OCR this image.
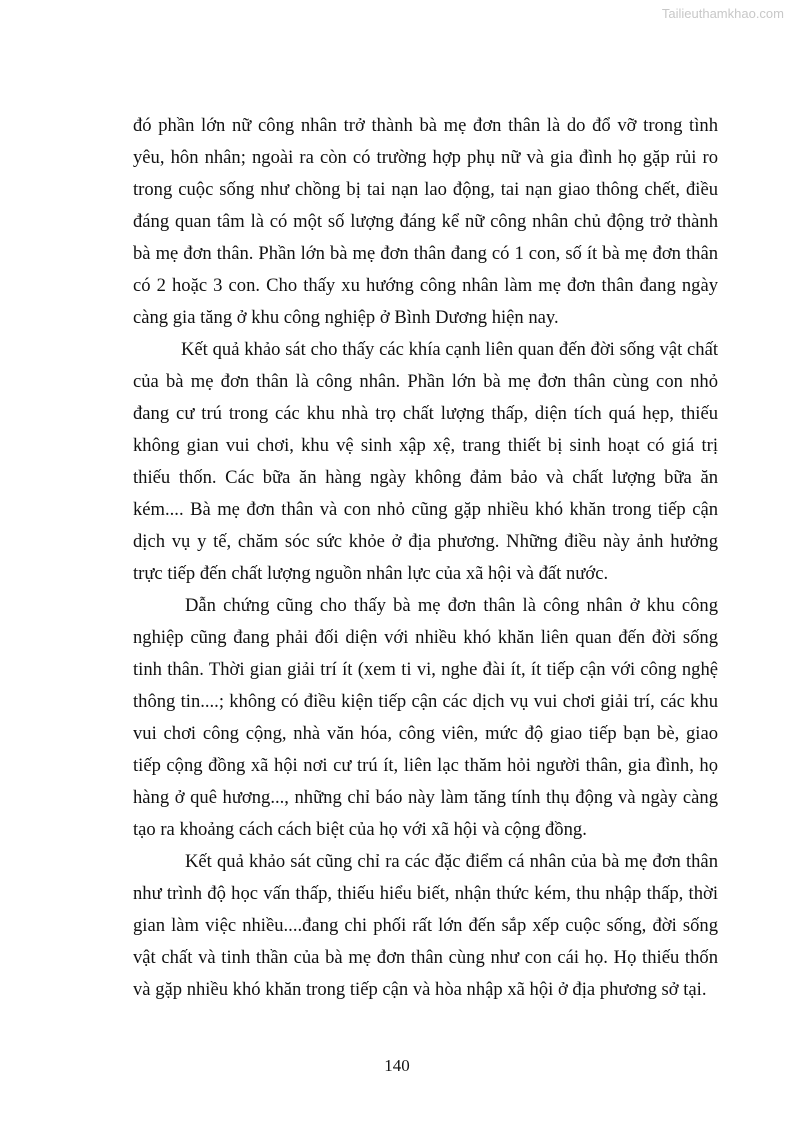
Tailieuthamkhao.com
đó phần lớn nữ công nhân trở thành bà mẹ đơn thân là do đổ vỡ trong tình
yêu, hôn nhân; ngoài ra còn có trường hợp phụ nữ và gia đình họ gặp rủi ro
trong cuộc sống như chồng bị tai nạn lao động, tai nạn giao thông chết, điều
đáng quan tâm là có một số lượng đáng kể nữ công nhân chủ động trở thành
bà mẹ đơn thân. Phần lớn bà mẹ đơn thân đang có 1 con, số ít bà mẹ đơn thân
có 2 hoặc 3 con. Cho thấy xu hướng công nhân làm mẹ đơn thân đang ngày
càng gia tăng ở khu công nghiệp ở Bình Dương hiện nay.
Kết quả khảo sát cho thấy các khía cạnh liên quan đến đời sống vật chất
của bà mẹ đơn thân là công nhân. Phần lớn bà mẹ đơn thân cùng con nhỏ
đang cư trú trong các khu nhà trọ chất lượng thấp, diện tích quá hẹp, thiếu
không gian vui chơi, khu vệ sinh xập xệ, trang thiết bị sinh hoạt có giá trị
thiếu thốn. Các bữa ăn hàng ngày không đảm bảo và chất lượng bữa ăn
kém.... Bà mẹ đơn thân và con nhỏ cũng gặp nhiều khó khăn trong tiếp cận
dịch vụ y tế, chăm sóc sức khỏe ở địa phương. Những điều này ảnh hưởng
trực tiếp đến chất lượng nguồn nhân lực của xã hội và đất nước.
Dẫn chứng cũng cho thấy bà mẹ đơn thân là công nhân ở khu công
nghiệp cũng đang phải đối diện với nhiều khó khăn liên quan đến đời sống
tinh thân. Thời gian giải trí ít (xem ti vi, nghe đài ít, ít tiếp cận với công nghệ
thông tin....; không có điều kiện tiếp cận các dịch vụ vui chơi giải trí, các khu
vui chơi công cộng, nhà văn hóa, công viên, mức độ giao tiếp bạn bè, giao
tiếp cộng đồng xã hội nơi cư trú ít, liên lạc thăm hỏi người thân, gia đình, họ
hàng ở quê hương..., những chỉ báo này làm tăng tính thụ động và ngày càng
tạo ra khoảng cách cách biệt của họ với xã hội và cộng đồng.
Kết quả khảo sát cũng chỉ ra các đặc điểm cá nhân của bà mẹ đơn thân
như trình độ học vấn thấp, thiếu hiểu biết, nhận thức kém, thu nhập thấp, thời
gian làm việc nhiều....đang chi phối rất lớn đến sắp xếp cuộc sống, đời sống
vật chất và tinh thần của bà mẹ đơn thân cùng như con cái họ. Họ thiếu thốn
và gặp nhiều khó khăn trong tiếp cận và hòa nhập xã hội ở địa phương sở tại.
140
